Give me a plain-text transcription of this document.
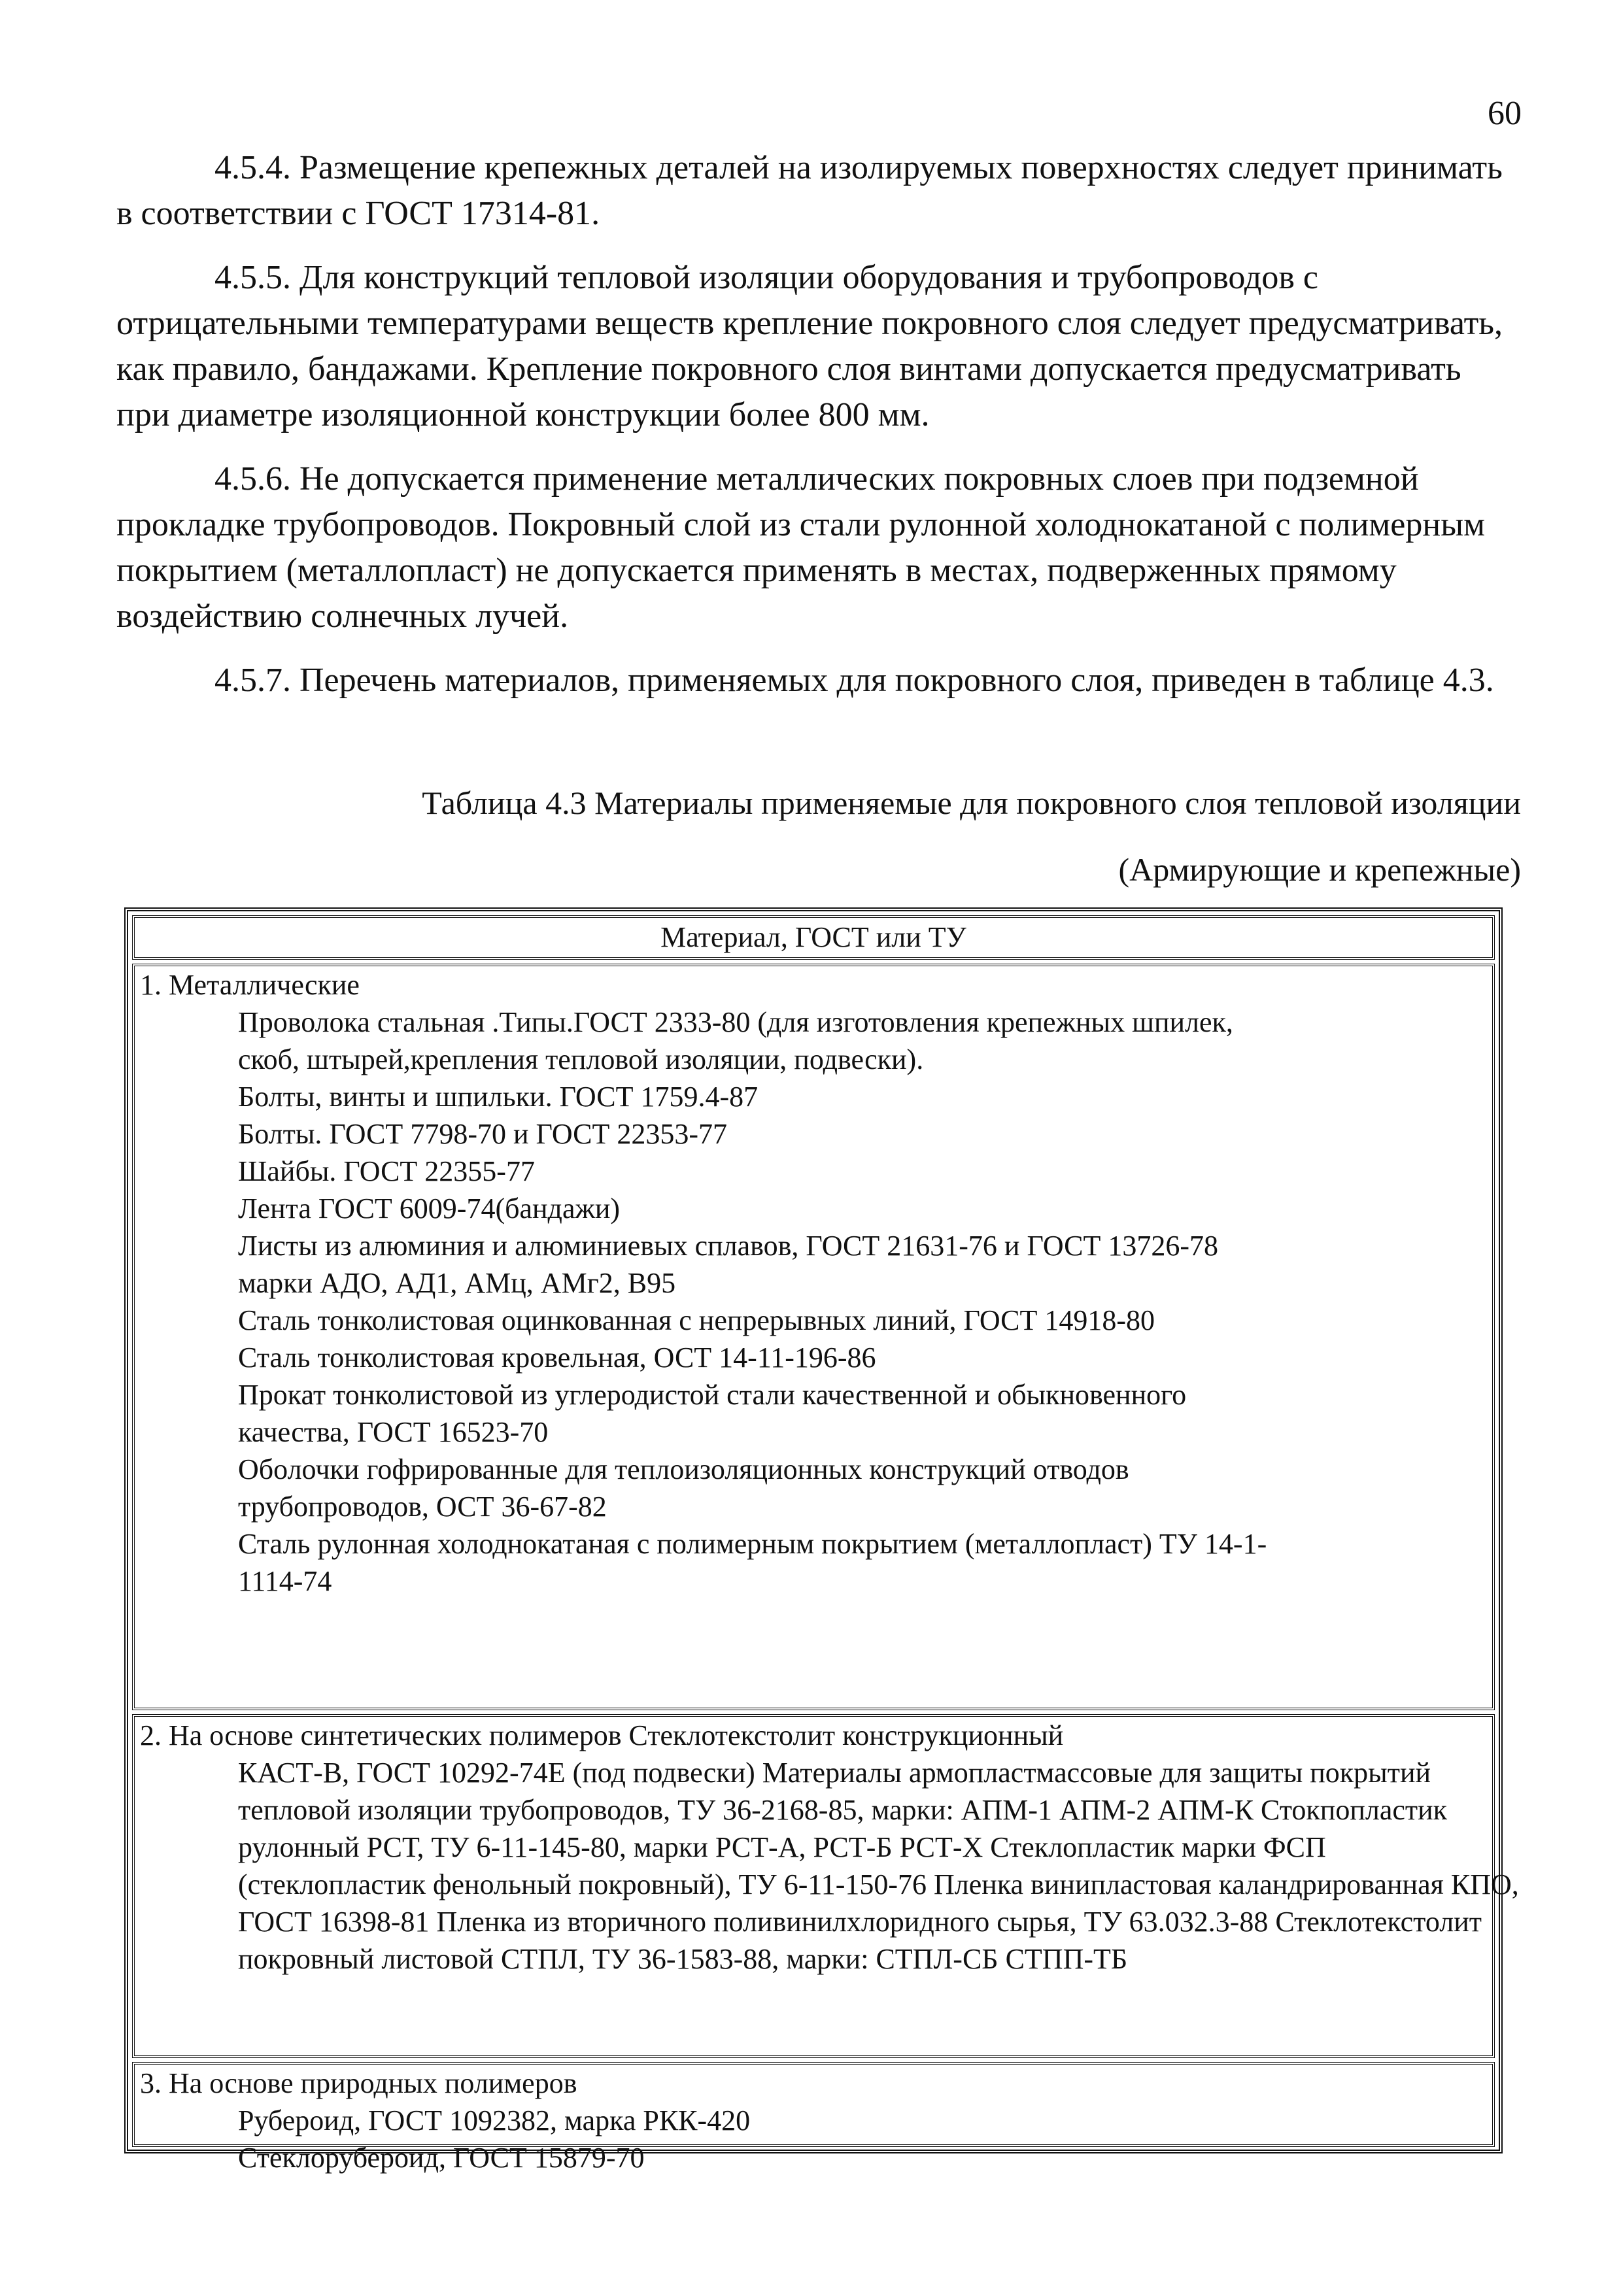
60

4.5.4. Размещение крепежных деталей на изолируемых поверхностях следует принимать в соответствии с ГОСТ 17314-81.

4.5.5. Для конструкций тепловой изоляции оборудования и трубопроводов с отрицательными температурами веществ крепление покровного слоя следует предусматривать, как правило, бандажами. Крепление покровного слоя винтами допускается предусматривать при диаметре изоляционной конструкции более 800 мм.

4.5.6. Не допускается применение металлических покровных слоев при подземной прокладке трубопроводов. Покровный слой из стали рулонной холоднокатаной с полимерным покрытием (металлопласт) не допускается применять в местах, подверженных прямому воздействию солнечных лучей.

4.5.7. Перечень материалов, применяемых для покровного слоя, приведен в таблице 4.3.

Таблица 4.3 Материалы применяемые для покровного слоя тепловой изоляции
(Армирующие и крепежные)
Материал, ГОСТ или ТУ
1. Металлические
Проволока стальная .Типы.ГОСТ 2333-80 (для изготовления крепежных шпилек, скоб, штырей,крепления тепловой изоляции, подвески).
Болты, винты и шпильки. ГОСТ 1759.4-87
Болты. ГОСТ 7798-70 и ГОСТ 22353-77
Шайбы. ГОСТ 22355-77
Лента ГОСТ 6009-74(бандажи)
Листы из алюминия и алюминиевых сплавов, ГОСТ 21631-76 и ГОСТ 13726-78 марки АДО, АД1, АМц, АМг2, В95
Сталь тонколистовая оцинкованная с непрерывных линий, ГОСТ 14918-80
Сталь тонколистовая кровельная, ОСТ 14-11-196-86
Прокат тонколистовой из углеродистой стали качественной и обыкновенного качества, ГОСТ 16523-70
Оболочки гофрированные для теплоизоляционных конструкций отводов трубопроводов, ОСТ 36-67-82
Сталь рулонная холоднокатаная с полимерным покрытием (металлопласт) ТУ 14-1-1114-74
2. На основе синтетических полимеров Стеклотекстолит конструкционный
КАСТ-В, ГОСТ 10292-74Е (под подвески) Материалы армопластмассовые для защиты покрытий тепловой изоляции трубопроводов, ТУ 36-2168-85, марки: АПМ-1 АПМ-2 АПМ-К Стокпопластик рулонный РСТ, ТУ 6-11-145-80, марки РСТ-А, РСТ-Б РСТ-Х Стеклопластик марки ФСП (стеклопластик фенольный покровный), ТУ 6-11-150-76 Пленка винипластовая каландрированная КПО, ГОСТ 16398-81 Пленка из вторичного поливинилхлоридного сырья, ТУ 63.032.3-88 Стеклотекстолит покровный листовой СТПЛ, ТУ 36-1583-88, марки: СТПЛ-СБ СТПП-ТБ
3. На основе природных полимеров
Рубероид, ГОСТ 1092382, марка РКК-420
Стеклорубероид, ГОСТ 15879-70
